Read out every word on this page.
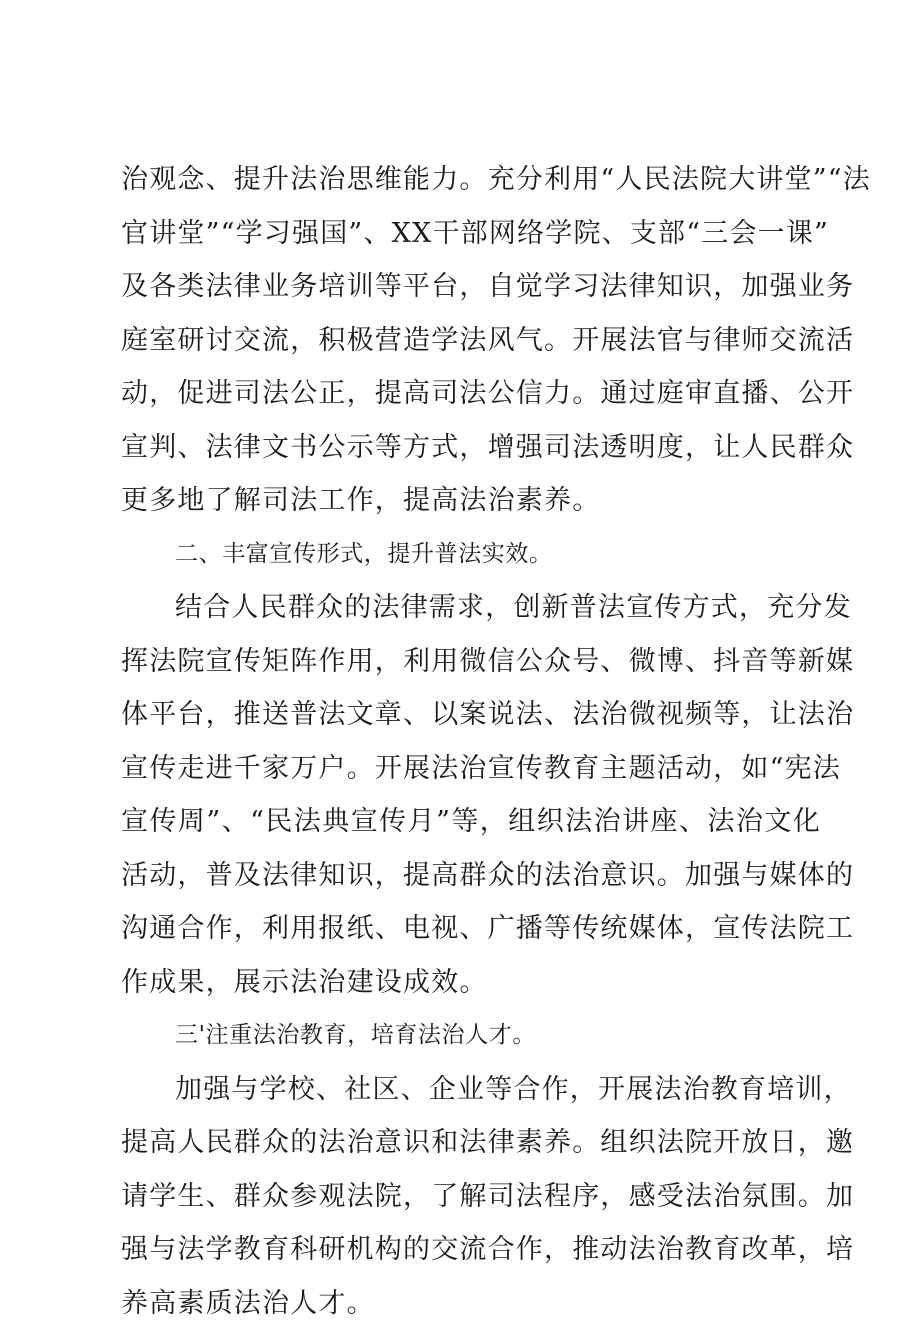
治观念、提升法治思维能力。充分利用“人民法院大讲堂”“法
官讲堂”“学习强国”、XX干部网络学院、支部“三会一课”
及各类法律业务培训等平台，自觉学习法律知识，加强业务
庭室研讨交流，积极营造学法风气。开展法官与律师交流活
动，促进司法公正，提高司法公信力。通过庭审直播、公开
宣判、法律文书公示等方式，增强司法透明度，让人民群众
更多地了解司法工作，提高法治素养。
二、丰富宣传形式，提升普法实效。
结合人民群众的法律需求，创新普法宣传方式，充分发
挥法院宣传矩阵作用，利用微信公众号、微博、抖音等新媒
体平台，推送普法文章、以案说法、法治微视频等，让法治
宣传走进千家万户。开展法治宣传教育主题活动，如“宪法
宣传周”、“民法典宣传月”等，组织法治讲座、法治文化
活动，普及法律知识，提高群众的法治意识。加强与媒体的
沟通合作，利用报纸、电视、广播等传统媒体，宣传法院工
作成果，展示法治建设成效。
三'注重法治教育，培育法治人才。
加强与学校、社区、企业等合作，开展法治教育培训，
提高人民群众的法治意识和法律素养。组织法院开放日，邀
请学生、群众参观法院，了解司法程序，感受法治氛围。加
强与法学教育科研机构的交流合作，推动法治教育改革，培
养高素质法治人才。
